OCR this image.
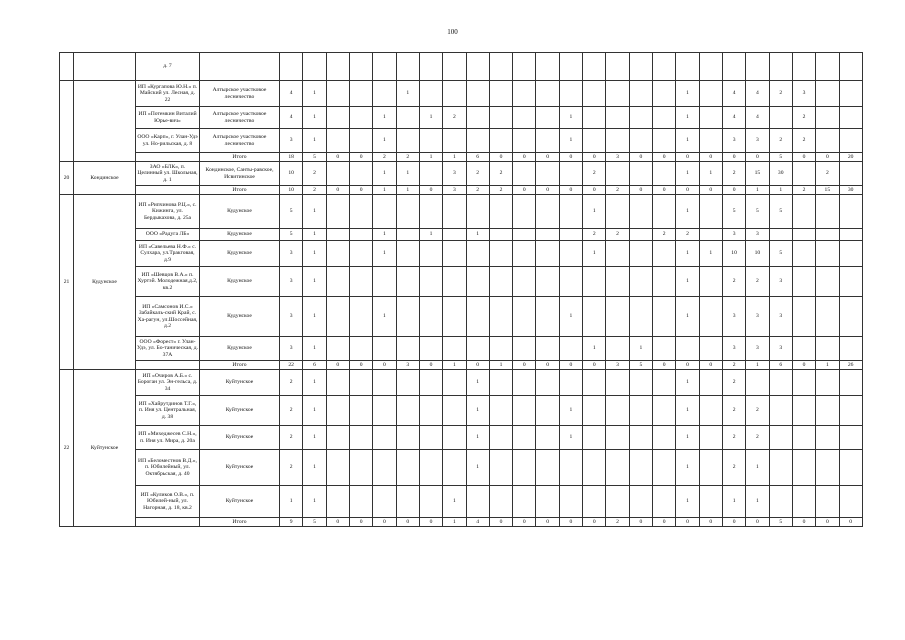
100
		д. 7																										
		ИП «Кургапова Ю.Н.» п. Майский ул. Лесная, д. 22	Алтырское участковое лесничество	4	1				1												1		4	4	2	3		
		ИП «Потемкин Виталий Юрье-вич»	Алтырское участковое лесничество	4	1			1		1	2					1					1		4	4		2		
		ООО «Карп», г. Улан-Удэ ул. Но-рильская, д. 8	Алтырское участковое лесничество	3	1			1								1					1		3	3	2	2		
			Итого	18	5	0	0	2	2	1	1	6	0	0	0	0	0	3	0	0	0	0	0	0	5	0	0	20
20	Кондинское	ЗАО «БЛК», п. Целинный ул. Школьная, д. 1	Кондинское, Санты-равское, Исвитинское	10	2			1	1		3	2	2				2				1	1	2	15	30		2	
			Итого	10	2	0	0	1	1	0	3	2	2	0	0	0	0	2	0	0	0	0	0	1	1	2	15	30
21	Кудунское	ИП «Рипчинова Р.Ц.», с. Кижинга, ул. Бердыкахова, д. 25а	Кудунское	5	1												1				1		5	5	5			
		ООО «Радуга ЛБ»	Кудунское	5	1			1		1		1					2	2		2	2		3	3				
		ИП «Савельева Н.Ф.» с. Сулхара, ул.Тракговая, д.9	Кудунское	3	1			1									1				1	1	10	10	5			
		ИП «Шевцов В.А.» п. Хуртэй. Молодежная,д.2, кв.2	Кудунское	3	1																1		2	2	3			
		ИП «Самсонов И.С.» Забайкаль-ский Край, с. Ха-рагун, ул.Шоссейная, д.2	Кудунское	3	1			1								1					1		3	3	3			
		ООО «Форест» г. Улан-Удэ, ул. Бо-таническая, д. 37А	Кудунское	3	1												1		1				3	3	3			
			Итого	22	6	0	0	0	3	0	1	0	1	0	0	0	0	3	5	0	0	0	2	1	6	0	1	26
22	Куйтунское	ИП «Очиров А.Б.» с. Бороган ул. Эн-гельса, д. 34	Куйтунское	2	1							1									1		2					
		ИП «Хайрутдинов Т.Г.», п. Иня ул. Центральная, д. 38	Куйтунское	2	1							1				1					1		2	2				
		ИП «Михеджесев С.Н.», п. Иня ул. Мира, д. 20а	Куйтунское	2	1							1				1					1		2	2				
		ИП «Беломестнов В.Д.», п. Юбилейный, ул. Октябрьская, д. 40	Куйтунское	2	1							1									1		2	1				
		ИП «Куликов О.В.», п. Юбилей-ный, ул. Нагорная, д. 18, кв.2	Куйтунское	1	1						1										1		1	1				
			Итого	9	5	0	0	0	0	0	1	4	0	0	0	0	0	2	0	0	0	0	0	0	5	0	0	0
